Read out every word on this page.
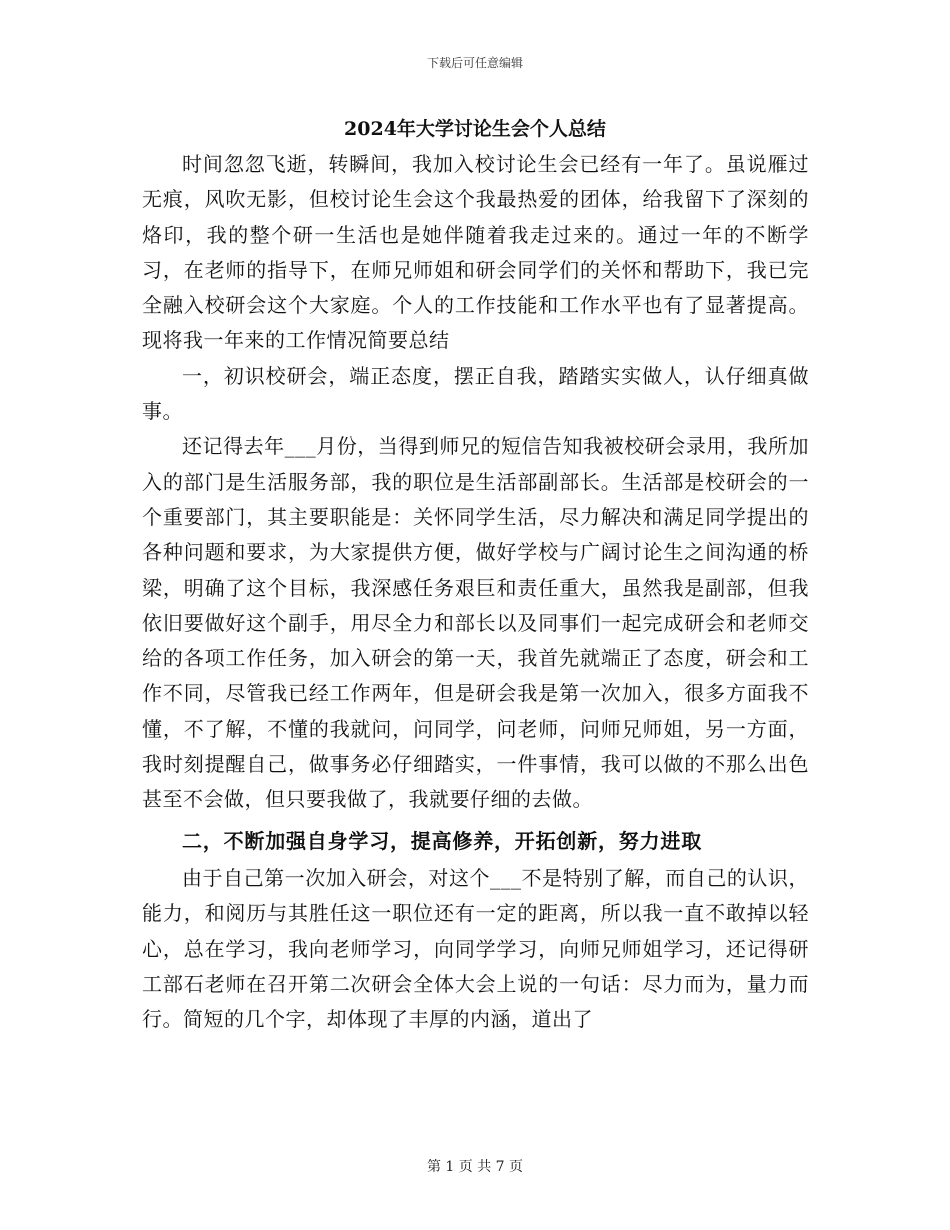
下载后可任意编辑
2024年大学讨论生会个人总结

时间忽忽飞逝，转瞬间，我加入校讨论生会已经有一年了。虽说雁过无痕，风吹无影，但校讨论生会这个我最热爱的团体，给我留下了深刻的烙印，我的整个研一生活也是她伴随着我走过来的。通过一年的不断学习，在老师的指导下，在师兄师姐和研会同学们的关怀和帮助下，我已完全融入校研会这个大家庭。个人的工作技能和工作水平也有了显著提高。现将我一年来的工作情况简要总结

一，初识校研会，端正态度，摆正自我，踏踏实实做人，认仔细真做事。

还记得去年___月份，当得到师兄的短信告知我被校研会录用，我所加入的部门是生活服务部，我的职位是生活部副部长。生活部是校研会的一个重要部门，其主要职能是：关怀同学生活，尽力解决和满足同学提出的各种问题和要求，为大家提供方便，做好学校与广阔讨论生之间沟通的桥梁，明确了这个目标，我深感任务艰巨和责任重大，虽然我是副部，但我依旧要做好这个副手，用尽全力和部长以及同事们一起完成研会和老师交给的各项工作任务，加入研会的第一天，我首先就端正了态度，研会和工作不同，尽管我已经工作两年，但是研会我是第一次加入，很多方面我不懂，不了解，不懂的我就问，问同学，问老师，问师兄师姐，另一方面，我时刻提醒自己，做事务必仔细踏实，一件事情，我可以做的不那么出色甚至不会做，但只要我做了，我就要仔细的去做。

二，不断加强自身学习，提高修养，开拓创新，努力进取

由于自己第一次加入研会，对这个___不是特别了解，而自己的认识，能力，和阅历与其胜任这一职位还有一定的距离，所以我一直不敢掉以轻心，总在学习，我向老师学习，向同学学习，向师兄师姐学习，还记得研工部石老师在召开第二次研会全体大会上说的一句话：尽力而为，量力而行。简短的几个字，却体现了丰厚的内涵，道出了

第 1 页 共 7 页
